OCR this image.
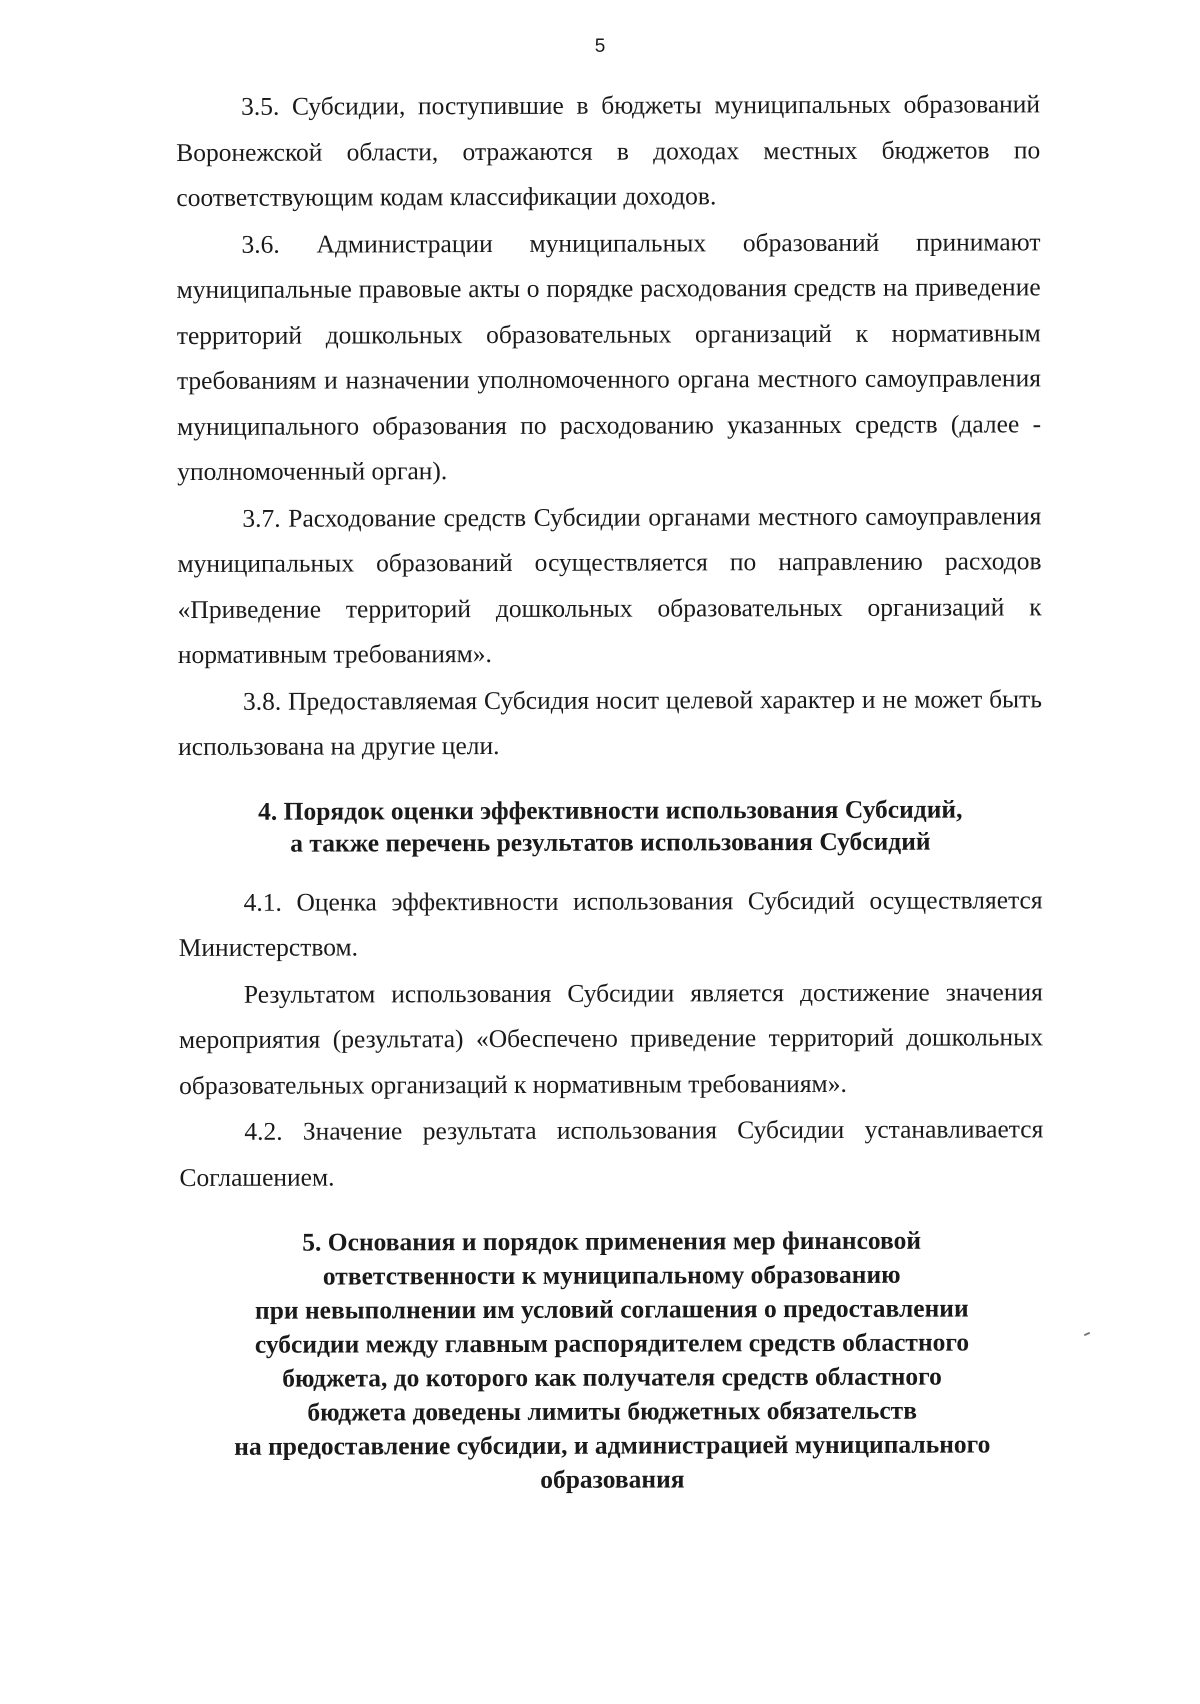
5

3.5. Субсидии, поступившие в бюджеты муниципальных образований Воронежской области, отражаются в доходах местных бюджетов по соответствующим кодам классификации доходов.

3.6. Администрации муниципальных образований принимают муниципальные правовые акты о порядке расходования средств на приведение территорий дошкольных образовательных организаций к нормативным требованиям и назначении уполномоченного органа местного самоуправления муниципального образования по расходованию указанных средств (далее - уполномоченный орган).

3.7. Расходование средств Субсидии органами местного самоуправления муниципальных образований осуществляется по направлению расходов «Приведение территорий дошкольных образовательных организаций к нормативным требованиям».

3.8. Предоставляемая Субсидия носит целевой характер и не может быть использована на другие цели.

4. Порядок оценки эффективности использования Субсидий,
а также перечень результатов использования Субсидий

4.1. Оценка эффективности использования Субсидий осуществляется Министерством.

Результатом использования Субсидии является достижение значения мероприятия (результата) «Обеспечено приведение территорий дошкольных образовательных организаций к нормативным требованиям».

4.2. Значение результата использования Субсидии устанавливается Соглашением.

5. Основания и порядок применения мер финансовой
ответственности к муниципальному образованию
при невыполнении им условий соглашения о предоставлении
субсидии между главным распорядителем средств областного
бюджета, до которого как получателя средств областного
бюджета доведены лимиты бюджетных обязательств
на предоставление субсидии, и администрацией муниципального
образования
